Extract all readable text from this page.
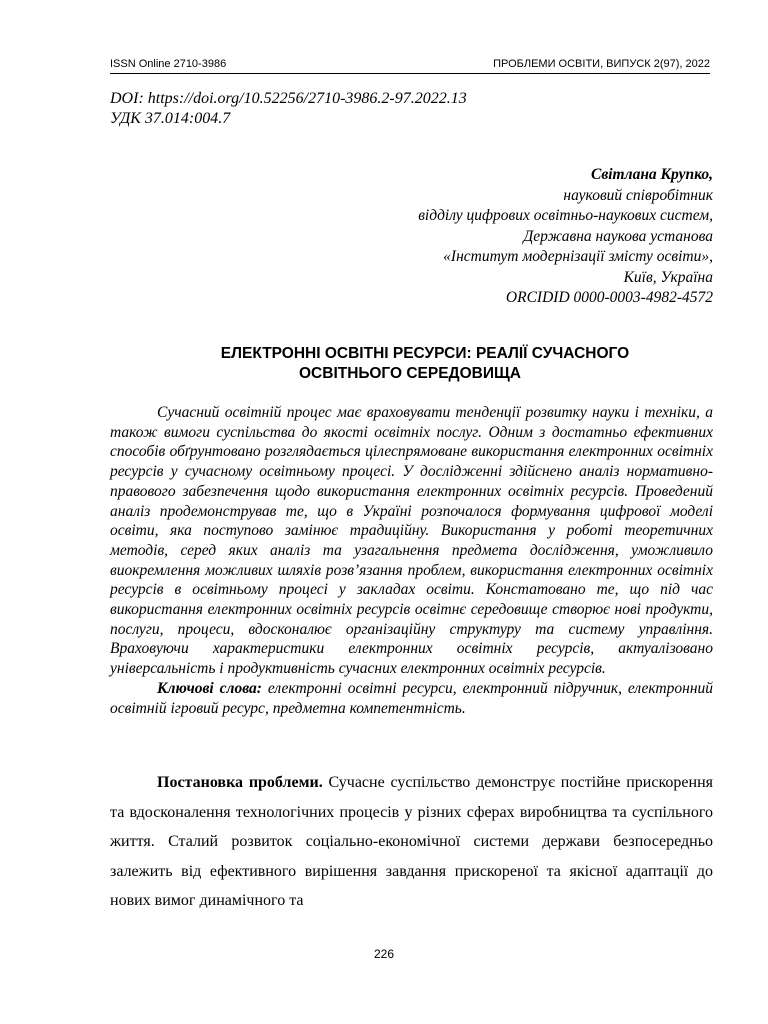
ISSN Online 2710-3986	ПРОБЛЕМИ ОСВІТИ, ВИПУСК 2(97), 2022
DOI: https://doi.org/10.52256/2710-3986.2-97.2022.13
УДК 37.014:004.7
Світлана Крупко,
науковий співробітник
відділу цифрових освітньо-наукових систем,
Державна наукова установа
«Інститут модернізації змісту освіти»,
Київ, Україна
ORCIDID 0000-0003-4982-4572
ЕЛЕКТРОННІ ОСВІТНІ РЕСУРСИ: РЕАЛІЇ СУЧАСНОГО
ОСВІТНЬОГО СЕРЕДОВИЩА

Сучасний освітній процес має враховувати тенденції розвитку науки і техніки, а також вимоги суспільства до якості освітніх послуг. Одним з достатньо ефективних способів обґрунтовано розглядається цілеспрямоване використання електронних освітніх ресурсів у сучасному освітньому процесі. У дослідженні здійснено аналіз нормативно-правового забезпечення щодо використання електронних освітніх ресурсів. Проведений аналіз продемонстрував те, що в Україні розпочалося формування цифрової моделі освіти, яка поступово замінює традиційну. Використання у роботі теоретичних методів, серед яких аналіз та узагальнення предмета дослідження, уможливило виокремлення можливих шляхів розв’язання проблем, використання електронних освітніх ресурсів в освітньому процесі у закладах освіти. Констатовано те, що під час використання електронних освітніх ресурсів освітнє середовище створює нові продукти, послуги, процеси, вдосконалює організаційну структуру та систему управління. Враховуючи характеристики електронних освітніх ресурсів, актуалізовано універсальність і продуктивність сучасних електронних освітніх ресурсів.

Ключові слова: електронні освітні ресурси, електронний підручник, електронний освітній ігровий ресурс, предметна компетентність.

Постановка проблеми. Сучасне суспільство демонструє постійне прискорення та вдосконалення технологічних процесів у різних сферах виробництва та суспільного життя. Сталий розвиток соціально-економічної системи держави безпосередньо залежить від ефективного вирішення завдання прискореної та якісної адаптації до нових вимог динамічного та

226
